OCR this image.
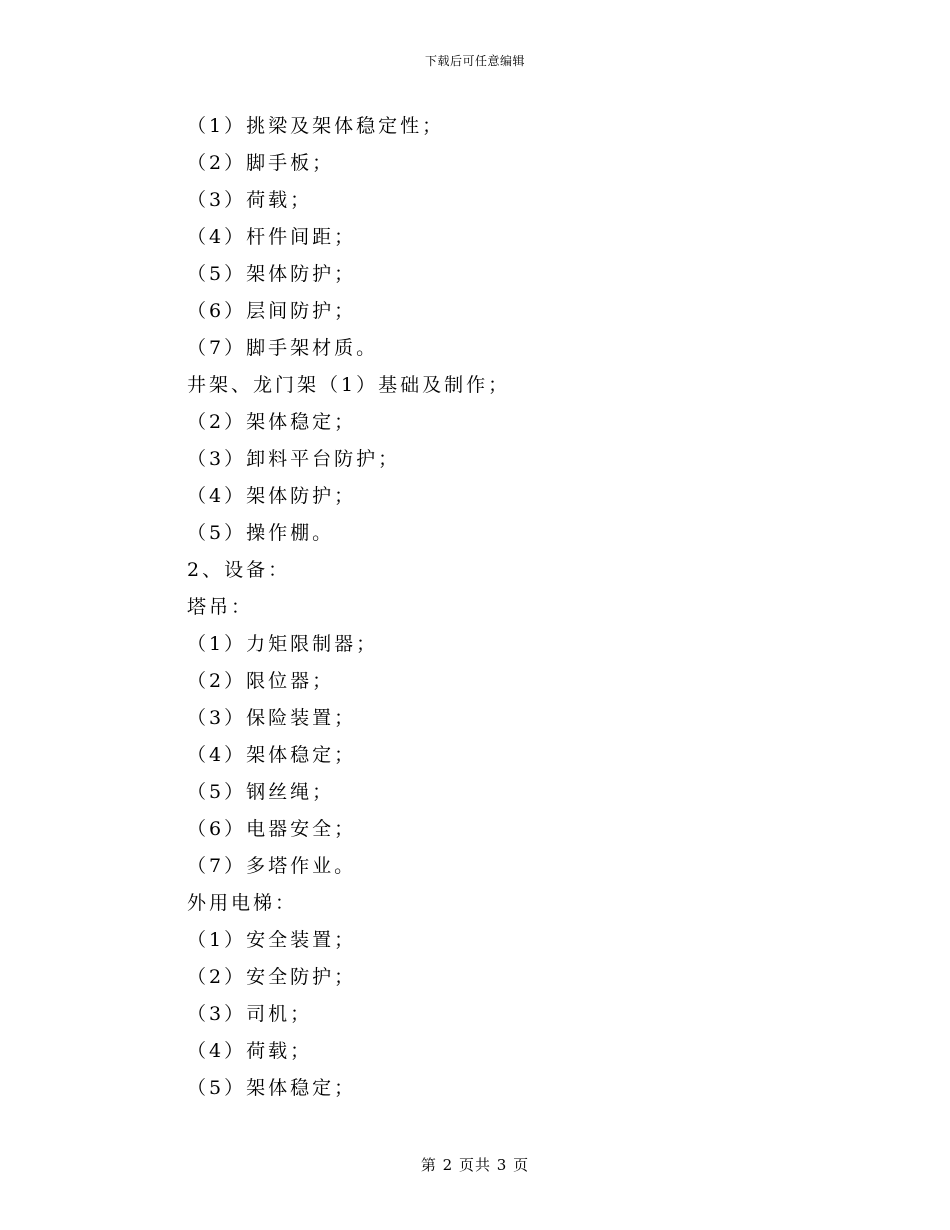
下载后可任意编辑
（1）挑梁及架体稳定性；
（2）脚手板；
（3）荷载；
（4）杆件间距；
（5）架体防护；
（6）层间防护；
（7）脚手架材质。
井架、龙门架（1）基础及制作；
（2）架体稳定；
（3）卸料平台防护；
（4）架体防护；
（5）操作棚。
2、设备：
塔吊：
（1）力矩限制器；
（2）限位器；
（3）保险装置；
（4）架体稳定；
（5）钢丝绳；
（6）电器安全；
（7）多塔作业。
外用电梯：
（1）安全装置；
（2）安全防护；
（3）司机；
（4）荷载；
（5）架体稳定；
第 2 页共 3 页
